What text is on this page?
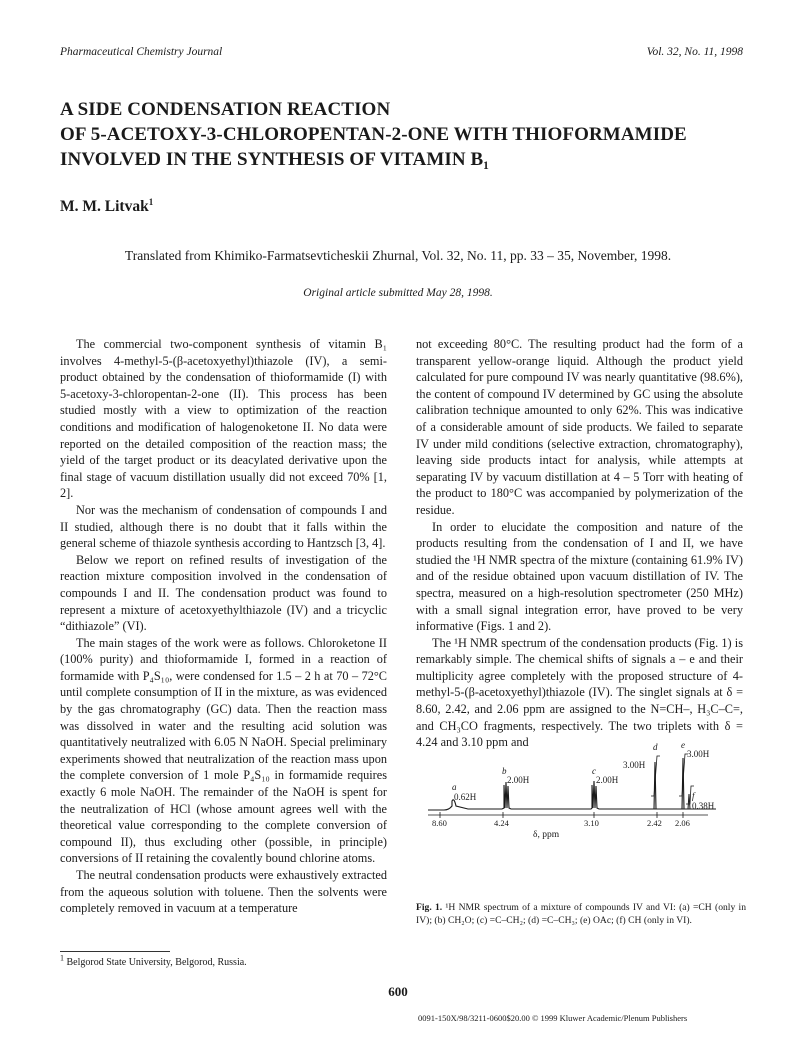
Pharmaceutical Chemistry Journal	Vol. 32, No. 11, 1998
A SIDE CONDENSATION REACTION
OF 5-ACETOXY-3-CHLOROPENTAN-2-ONE WITH THIOFORMAMIDE
INVOLVED IN THE SYNTHESIS OF VITAMIN B₁
M. M. Litvak$^1$
Translated from Khimiko-Farmatsevticheskii Zhurnal, Vol. 32, No. 11, pp. 33 – 35, November, 1998.
Original article submitted May 28, 1998.

The commercial two-component synthesis of vitamin B₁ involves 4-methyl-5-(β-acetoxyethyl)thiazole (IV), a semi-product obtained by the condensation of thioformamide (I) with 5-acetoxy-3-chloropentan-2-one (II). This process has been studied mostly with a view to optimization of the reaction conditions and modification of halogenoketone II. No data were reported on the detailed composition of the reaction mass; the yield of the target product or its deacylated derivative upon the final stage of vacuum distillation usually did not exceed 70% [1, 2].

Nor was the mechanism of condensation of compounds I and II studied, although there is no doubt that it falls within the general scheme of thiazole synthesis according to Hantzsch [3, 4].

Below we report on refined results of investigation of the reaction mixture composition involved in the condensation of compounds I and II. The condensation product was found to represent a mixture of acetoxyethylthiazole (IV) and a tricyclic “dithiazole” (VI).

The main stages of the work were as follows. Chloroketone II (100% purity) and thioformamide I, formed in a reaction of formamide with P₄S₁₀, were condensed for 1.5 – 2 h at 70 – 72°C until complete consumption of II in the mixture, as was evidenced by the gas chromatography (GC) data. Then the reaction mass was dissolved in water and the resulting acid solution was quantitatively neutralized with 6.05 N NaOH. Special preliminary experiments showed that neutralization of the reaction mass upon the complete conversion of 1 mole P₄S₁₀ in formamide requires exactly 6 mole NaOH. The remainder of the NaOH is spent for the neutralization of HCl (whose amount agrees well with the theoretical value corresponding to the complete conversion of compound II), thus excluding other (possible, in principle) conversions of II retaining the covalently bound chlorine atoms.

The neutral condensation products were exhaustively extracted from the aqueous solution with toluene. Then the solvents were completely removed in vacuum at a temperature

not exceeding 80°C. The resulting product had the form of a transparent yellow-orange liquid. Although the product yield calculated for pure compound IV was nearly quantitative (98.6%), the content of compound IV determined by GC using the absolute calibration technique amounted to only 62%. This was indicative of a considerable amount of side products. We failed to separate IV under mild conditions (selective extraction, chromatography), leaving side products intact for analysis, while attempts at separating IV by vacuum distillation at 4 – 5 Torr with heating of the product to 180°C was accompanied by polymerization of the residue.

In order to elucidate the composition and nature of the products resulting from the condensation of I and II, we have studied the ¹H NMR spectra of the mixture (containing 61.9% IV) and of the residue obtained upon vacuum distillation of IV. The spectra, measured on a high-resolution spectrometer (250 MHz) with a small signal integration error, have proved to be very informative (Figs. 1 and 2).

The ¹H NMR spectrum of the condensation products (Fig. 1) is remarkably simple. The chemical shifts of signals a – e and their multiplicity agree completely with the proposed structure of 4-methyl-5-(β-acetoxyethyl)thiazole (IV). The singlet signals at δ = 8.60, 2.42, and 2.06 ppm are assigned to the N=CH–, H₃C–C=, and CH₃CO fragments, respectively. The two triplets with δ = 4.24 and 3.10 ppm and

a
0.62H
b
2.00H
c
2.00H
d
3.00H
e
3.00H
f
0.38H
8.60	4.24	3.10	2.42 2.06
δ, ppm
Fig. 1. ¹H NMR spectrum of a mixture of compounds IV and VI: (a) =CH (only in IV); (b) CH₂O; (c) =C–CH₂; (d) =C–CH₃; (e) OAc; (f) CH (only in VI).
$^1$ Belgorod State University, Belgorod, Russia.
600
0091-150X/98/3211-0600$20.00 © 1999 Kluwer Academic/Plenum Publishers
